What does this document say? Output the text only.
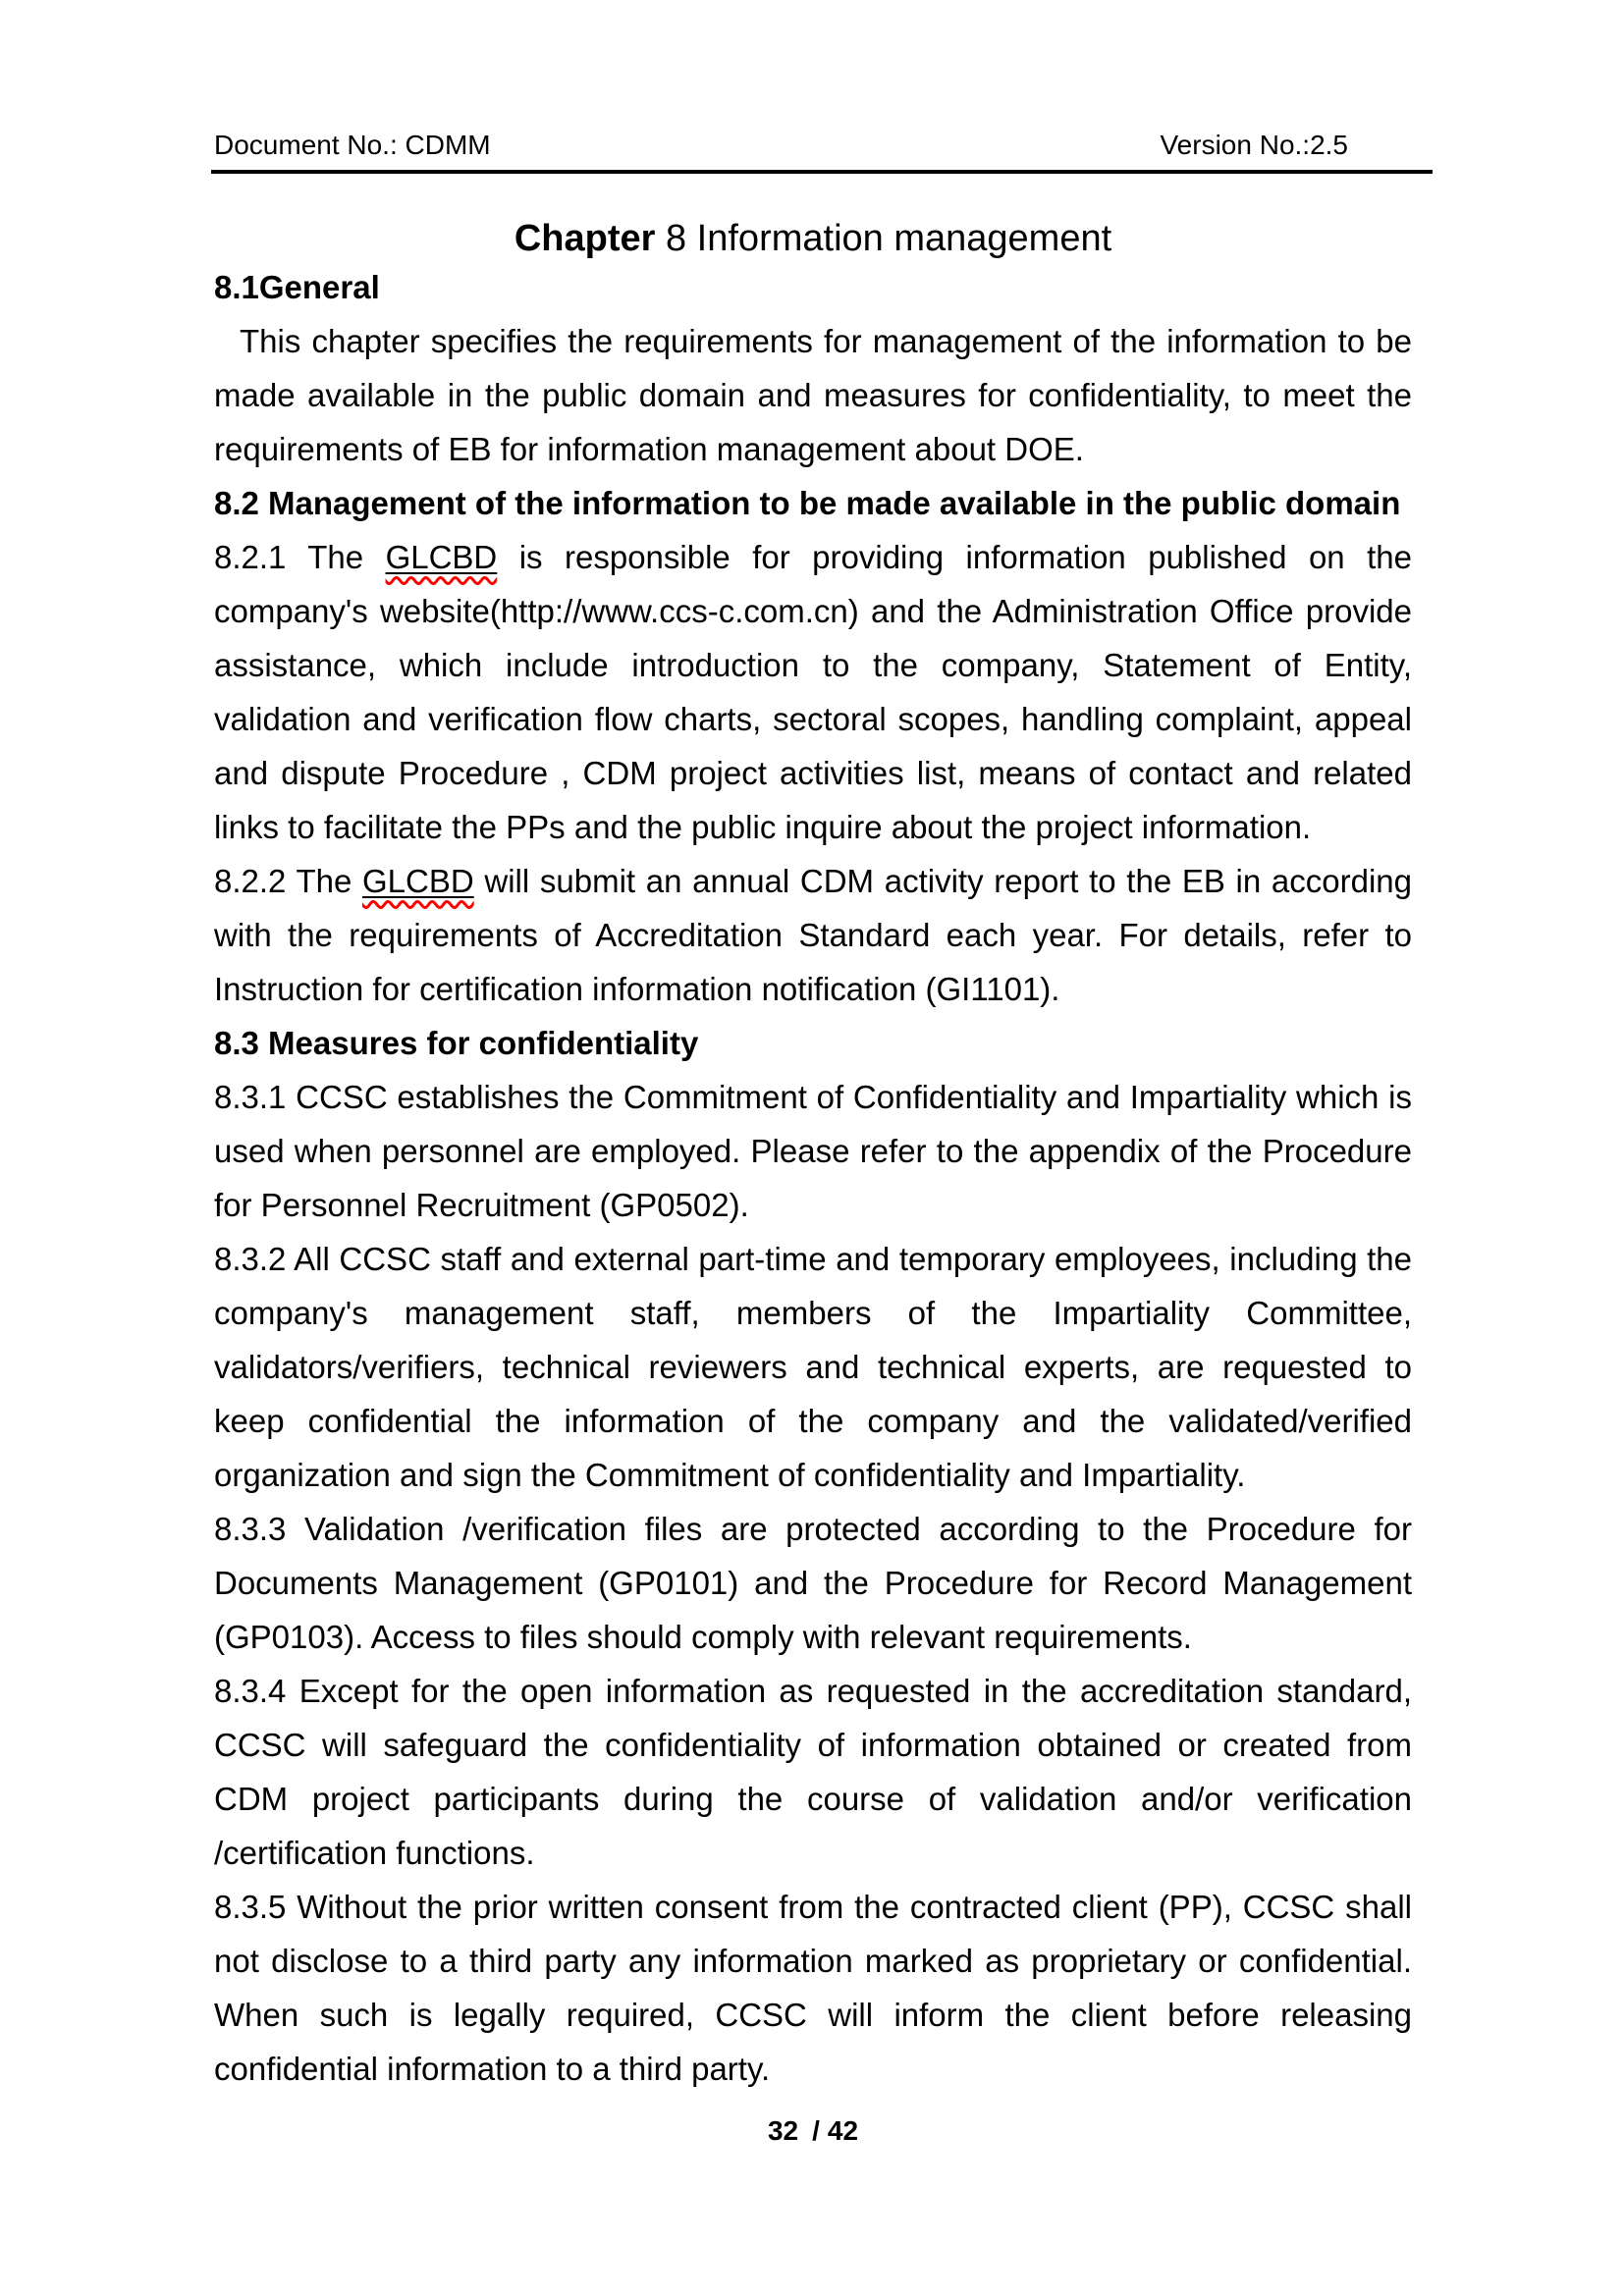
Document No.: CDMM	Version No.:2.5
Chapter 8 Information management

8.1General

This chapter specifies the requirements for management of the information to be made available in the public domain and measures for confidentiality, to meet the requirements of EB for information management about DOE.

8.2 Management of the information to be made available in the public domain

8.2.1 The GLCBD is responsible for providing information published on the company's website(http://www.ccs-c.com.cn) and the Administration Office provide assistance, which include introduction to the company, Statement of Entity, validation and verification flow charts, sectoral scopes, handling complaint, appeal and dispute Procedure , CDM project activities list, means of contact and related links to facilitate the PPs and the public inquire about the project information.

8.2.2 The GLCBD will submit an annual CDM activity report to the EB in according with the requirements of Accreditation Standard each year. For details, refer to Instruction for certification information notification (GI1101).

8.3 Measures for confidentiality

8.3.1 CCSC establishes the Commitment of Confidentiality and Impartiality which is used when personnel are employed. Please refer to the appendix of the Procedure for Personnel Recruitment (GP0502).

8.3.2 All CCSC staff and external part-time and temporary employees, including the company's management staff, members of the Impartiality Committee, validators/verifiers, technical reviewers and technical experts, are requested to keep confidential the information of the company and the validated/verified organization and sign the Commitment of confidentiality and Impartiality.

8.3.3 Validation /verification files are protected according to the Procedure for Documents Management (GP0101) and the Procedure for Record Management (GP0103). Access to files should comply with relevant requirements.

8.3.4 Except for the open information as requested in the accreditation standard, CCSC will safeguard the confidentiality of information obtained or created from CDM project participants during the course of validation and/or verification /certification functions.

8.3.5 Without the prior written consent from the contracted client (PP), CCSC shall not disclose to a third party any information marked as proprietary or confidential. When such is legally required, CCSC will inform the client before releasing confidential information to a third party.

32 / 42
